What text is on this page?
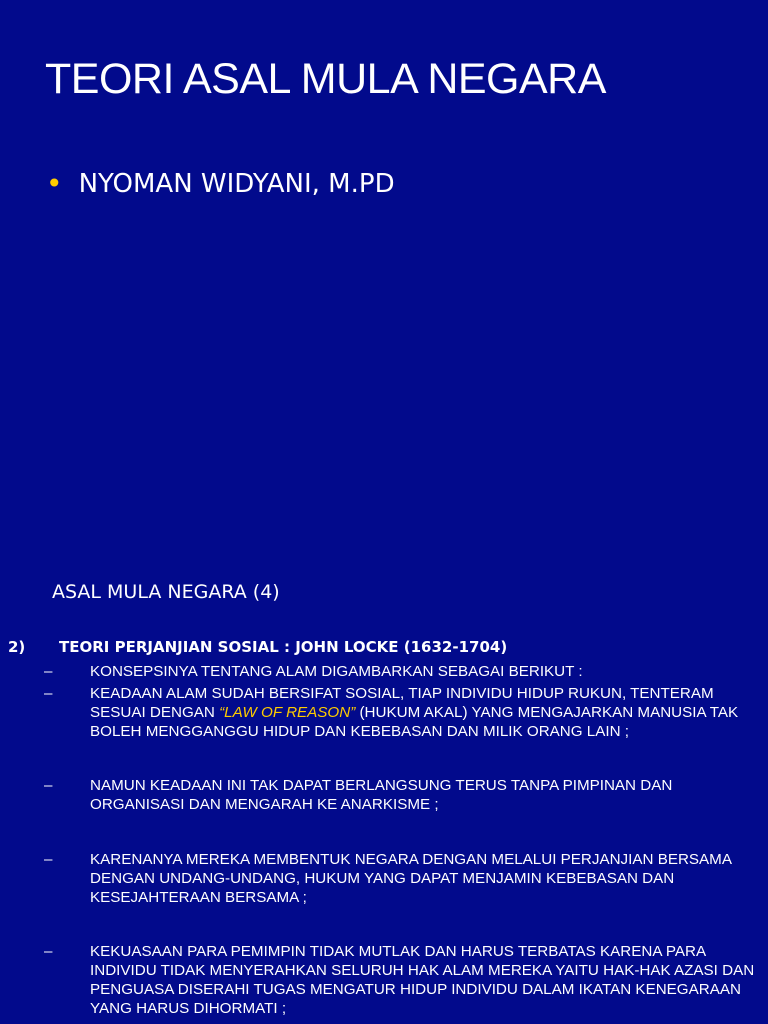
TEORI ASAL MULA NEGARA
• NYOMAN WIDYANI, M.PD
ASAL MULA NEGARA (4)
2) TEORI PERJANJIAN SOSIAL : JOHN LOCKE (1632-1704)
– KONSEPSINYA TENTANG ALAM DIGAMBARKAN SEBAGAI BERIKUT :
– KEADAAN ALAM SUDAH BERSIFAT SOSIAL, TIAP INDIVIDU HIDUP RUKUN, TENTERAM SESUAI DENGAN “LAW OF REASON” (HUKUM AKAL) YANG MENGAJARKAN MANUSIA TAK BOLEH MENGGANGGU HIDUP DAN KEBEBASAN DAN MILIK ORANG LAIN ;
– NAMUN KEADAAN INI TAK DAPAT BERLANGSUNG TERUS TANPA PIMPINAN DAN ORGANISASI DAN MENGARAH KE ANARKISME ;
– KARENANYA MEREKA MEMBENTUK NEGARA DENGAN MELALUI PERJANJIAN BERSAMA DENGAN UNDANG-UNDANG, HUKUM YANG DAPAT MENJAMIN KEBEBASAN DAN KESEJAHTERAAN BERSAMA ;
– KEKUASAAN PARA PEMIMPIN TIDAK MUTLAK DAN HARUS TERBATAS KARENA PARA INDIVIDU TIDAK MENYERAHKAN SELURUH HAK ALAM MEREKA YAITU HAK-HAK AZASI DAN PENGUASA DISERAHI TUGAS MENGATUR HIDUP INDIVIDU DALAM IKATAN KENEGARAAN YANG HARUS DIHORMATI ;
